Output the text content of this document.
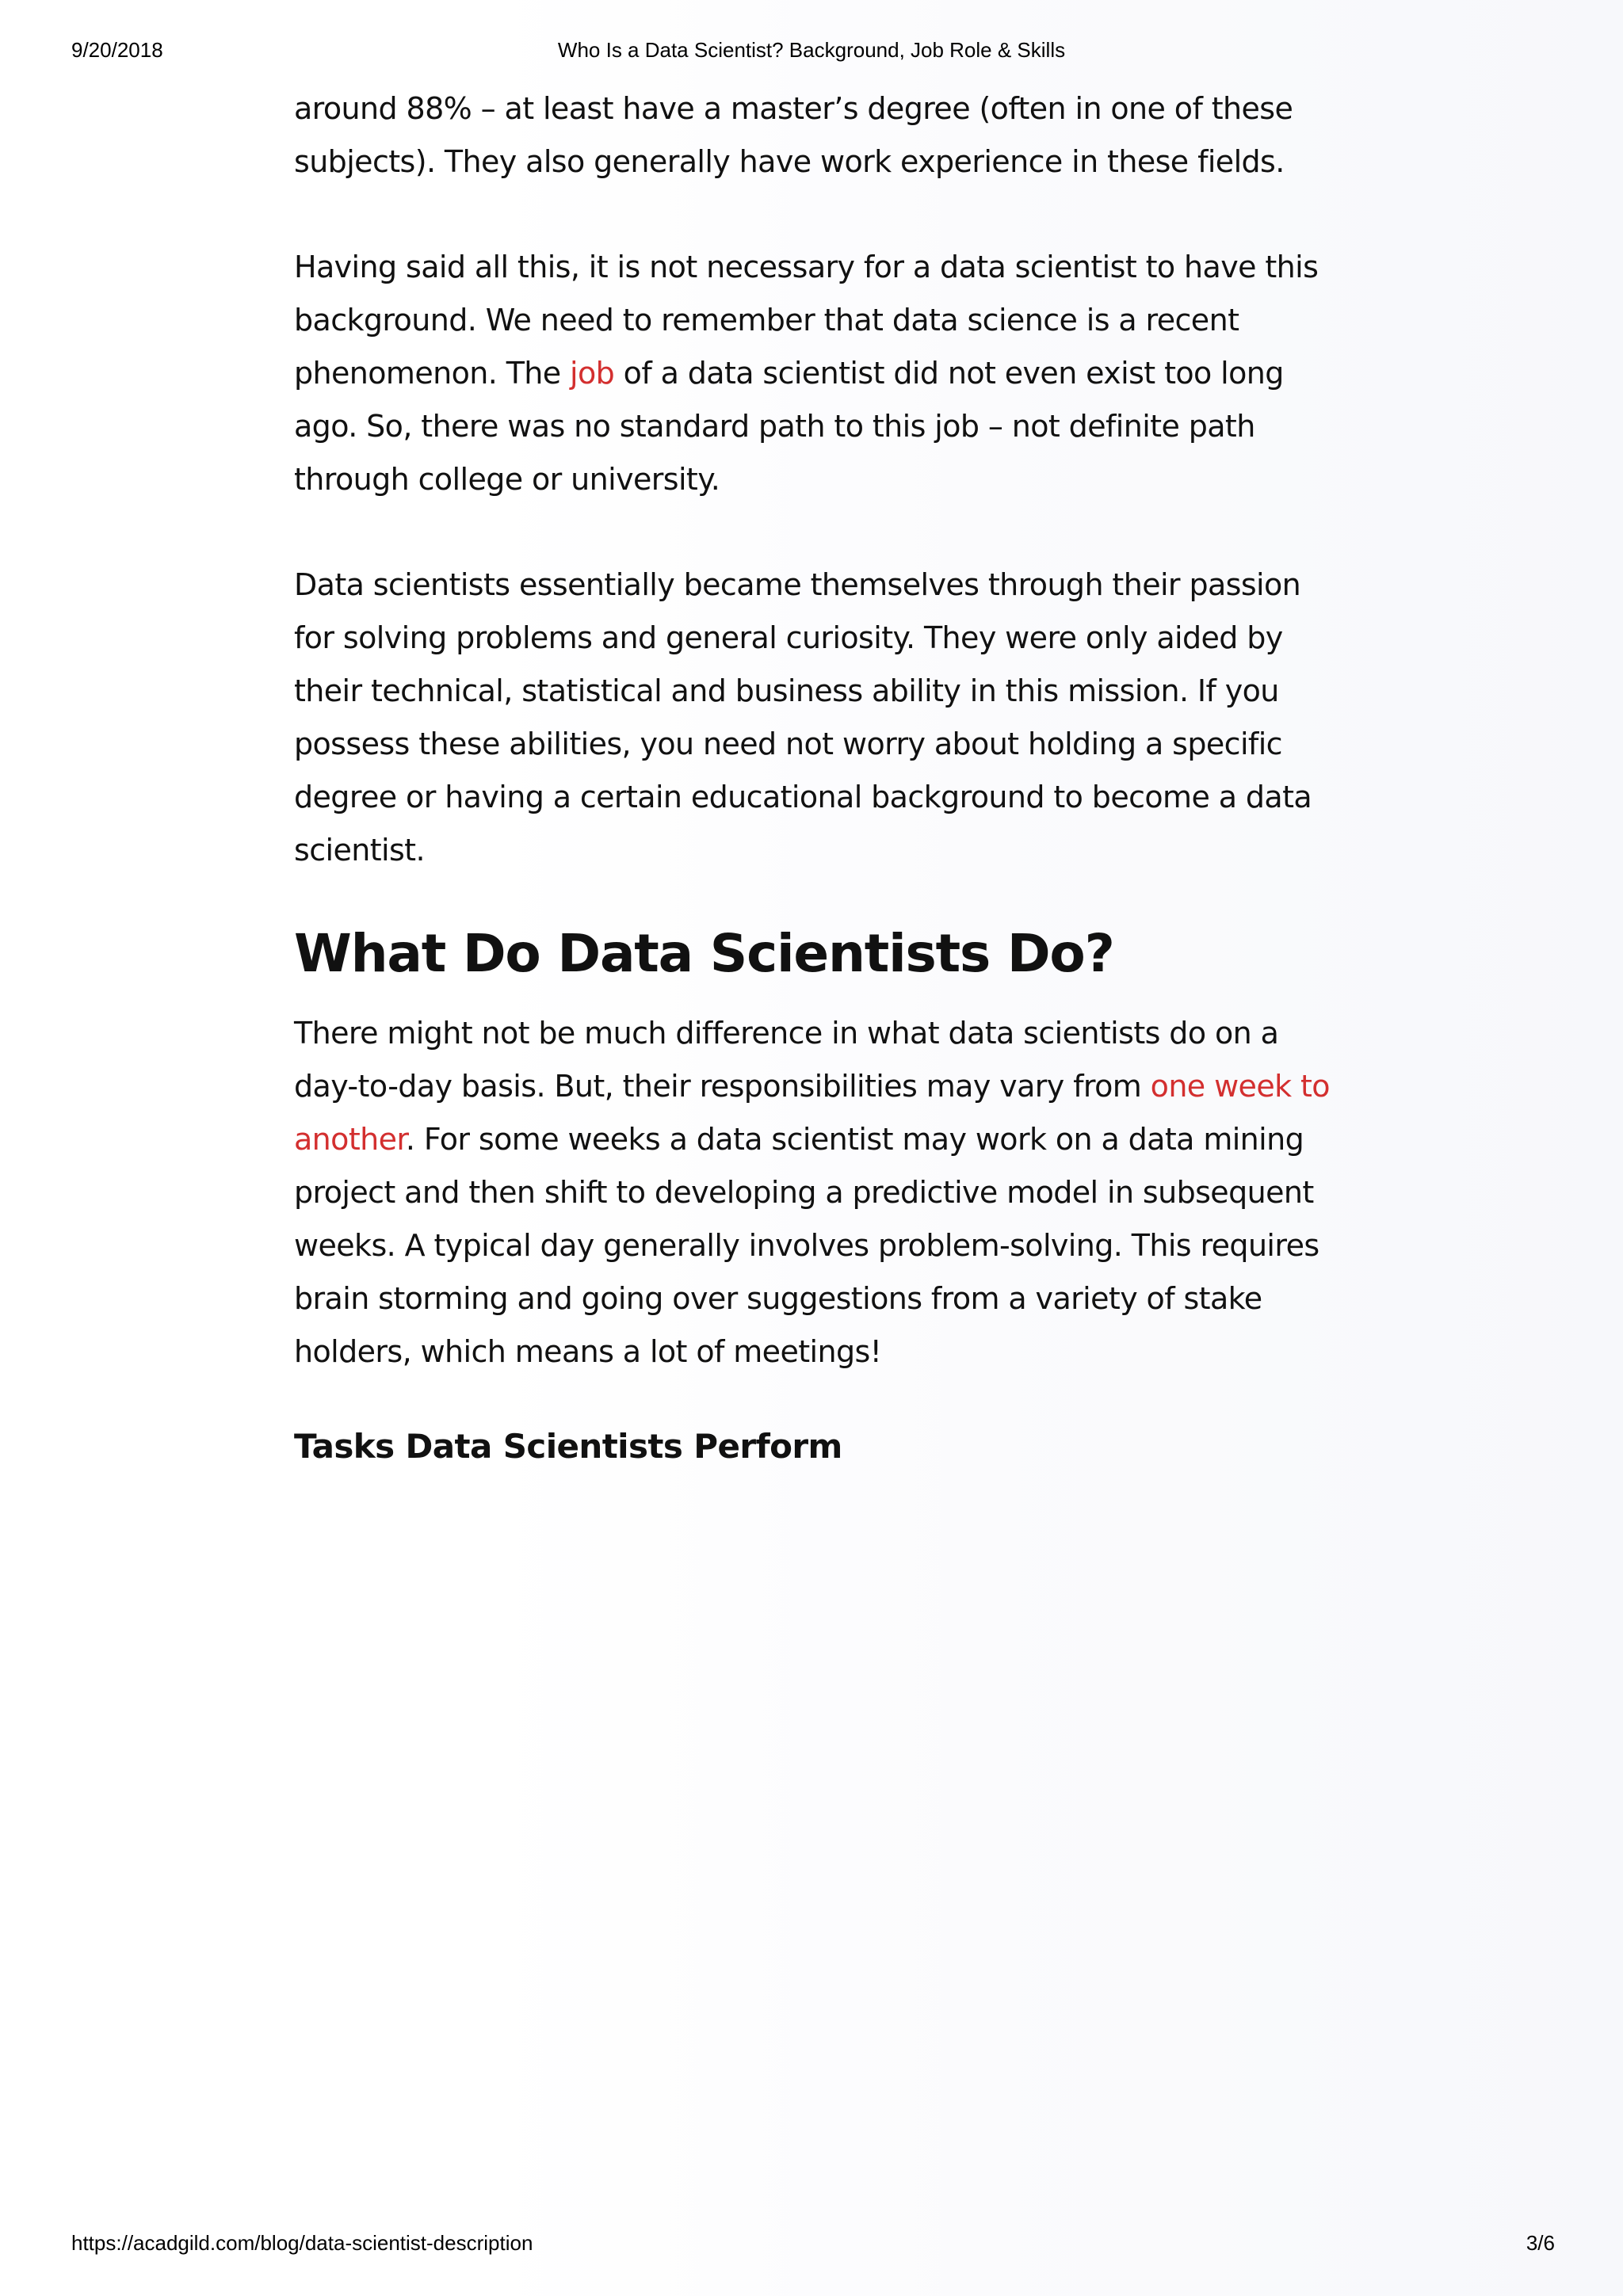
9/20/2018	Who Is a Data Scientist? Background, Job Role & Skills

around 88% – at least have a master’s degree (often in one of these subjects). They also generally have work experience in these fields.

Having said all this, it is not necessary for a data scientist to have this background. We need to remember that data science is a recent phenomenon. The job of a data scientist did not even exist too long ago. So, there was no standard path to this job – not definite path through college or university.

Data scientists essentially became themselves through their passion for solving problems and general curiosity. They were only aided by their technical, statistical and business ability in this mission. If you possess these abilities, you need not worry about holding a specific degree or having a certain educational background to become a data scientist.

What Do Data Scientists Do?

There might not be much difference in what data scientists do on a day-to-day basis. But, their responsibilities may vary from one week to another. For some weeks a data scientist may work on a data mining project and then shift to developing a predictive model in subsequent weeks. A typical day generally involves problem-solving. This requires brain storming and going over suggestions from a variety of stake holders, which means a lot of meetings!

Tasks Data Scientists Perform
https://acadgild.com/blog/data-scientist-description	3/6
